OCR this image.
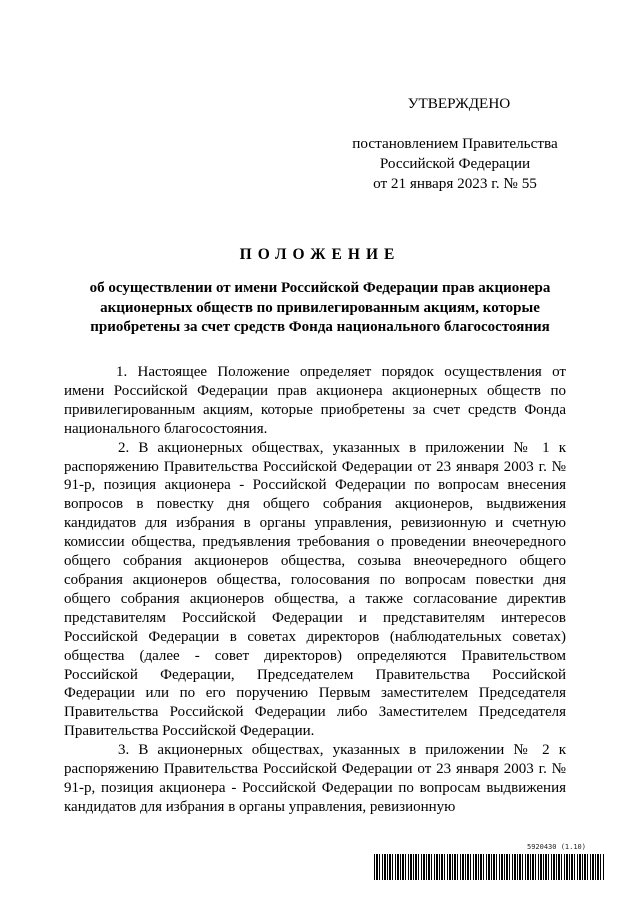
УТВЕРЖДЕНО

постановлением Правительства
Российской Федерации
от 21 января 2023 г. № 55
ПОЛОЖЕНИЕ
об осуществлении от имени Российской Федерации прав акционера
акционерных обществ по привилегированным акциям, которые
приобретены за счет средств Фонда национального благосостояния

1. Настоящее Положение определяет порядок осуществления от имени Российской Федерации прав акционера акционерных обществ по привилегированным акциям, которые приобретены за счет средств Фонда национального благосостояния.

2. В акционерных обществах, указанных в приложении № 1 к распоряжению Правительства Российской Федерации от 23 января 2003 г. № 91-р, позиция акционера - Российской Федерации по вопросам внесения вопросов в повестку дня общего собрания акционеров, выдвижения кандидатов для избрания в органы управления, ревизионную и счетную комиссии общества, предъявления требования о проведении внеочередного общего собрания акционеров общества, созыва внеочередного общего собрания акционеров общества, голосования по вопросам повестки дня общего собрания акционеров общества, а также согласование директив представителям Российской Федерации и представителям интересов Российской Федерации в советах директоров (наблюдательных советах) общества (далее - совет директоров) определяются Правительством Российской Федерации, Председателем Правительства Российской Федерации или по его поручению Первым заместителем Председателя Правительства Российской Федерации либо Заместителем Председателя Правительства Российской Федерации.

3. В акционерных обществах, указанных в приложении № 2 к распоряжению Правительства Российской Федерации от 23 января 2003 г. № 91-р, позиция акционера - Российской Федерации по вопросам выдвижения кандидатов для избрания в органы управления, ревизионную

5920430 (1.10)
